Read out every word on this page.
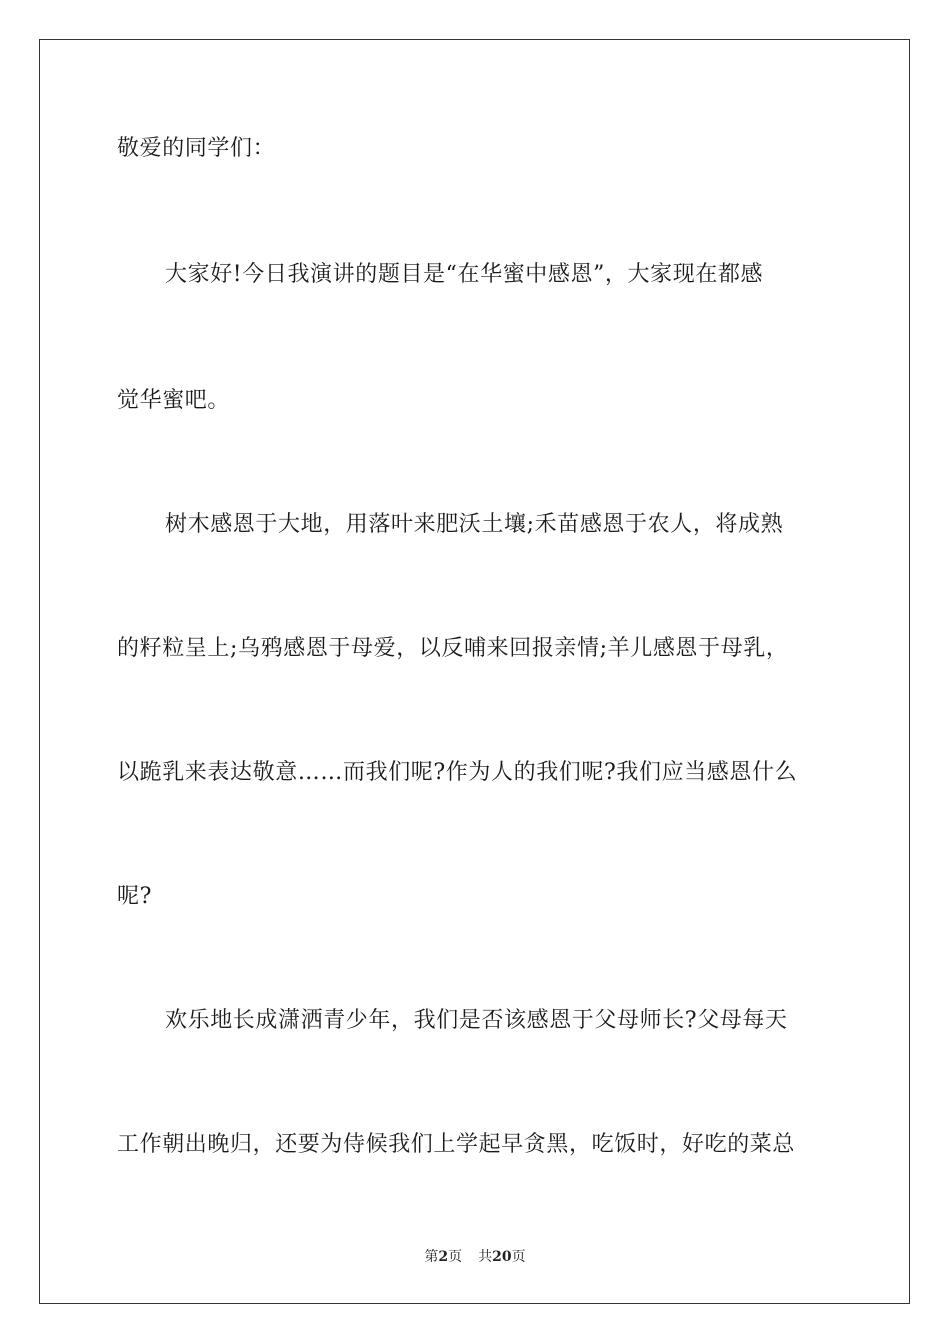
敬爱的同学们：
大家好!今日我演讲的题目是“在华蜜中感恩”，大家现在都感
觉华蜜吧。
树木感恩于大地，用落叶来肥沃土壤;禾苗感恩于农人，将成熟
的籽粒呈上;乌鸦感恩于母爱，以反哺来回报亲情;羊儿感恩于母乳，
以跪乳来表达敬意……而我们呢?作为人的我们呢?我们应当感恩什么
呢?
欢乐地长成潇洒青少年，我们是否该感恩于父母师长?父母每天
工作朝出晚归，还要为侍候我们上学起早贪黑，吃饭时，好吃的菜总
第2页 共20页
